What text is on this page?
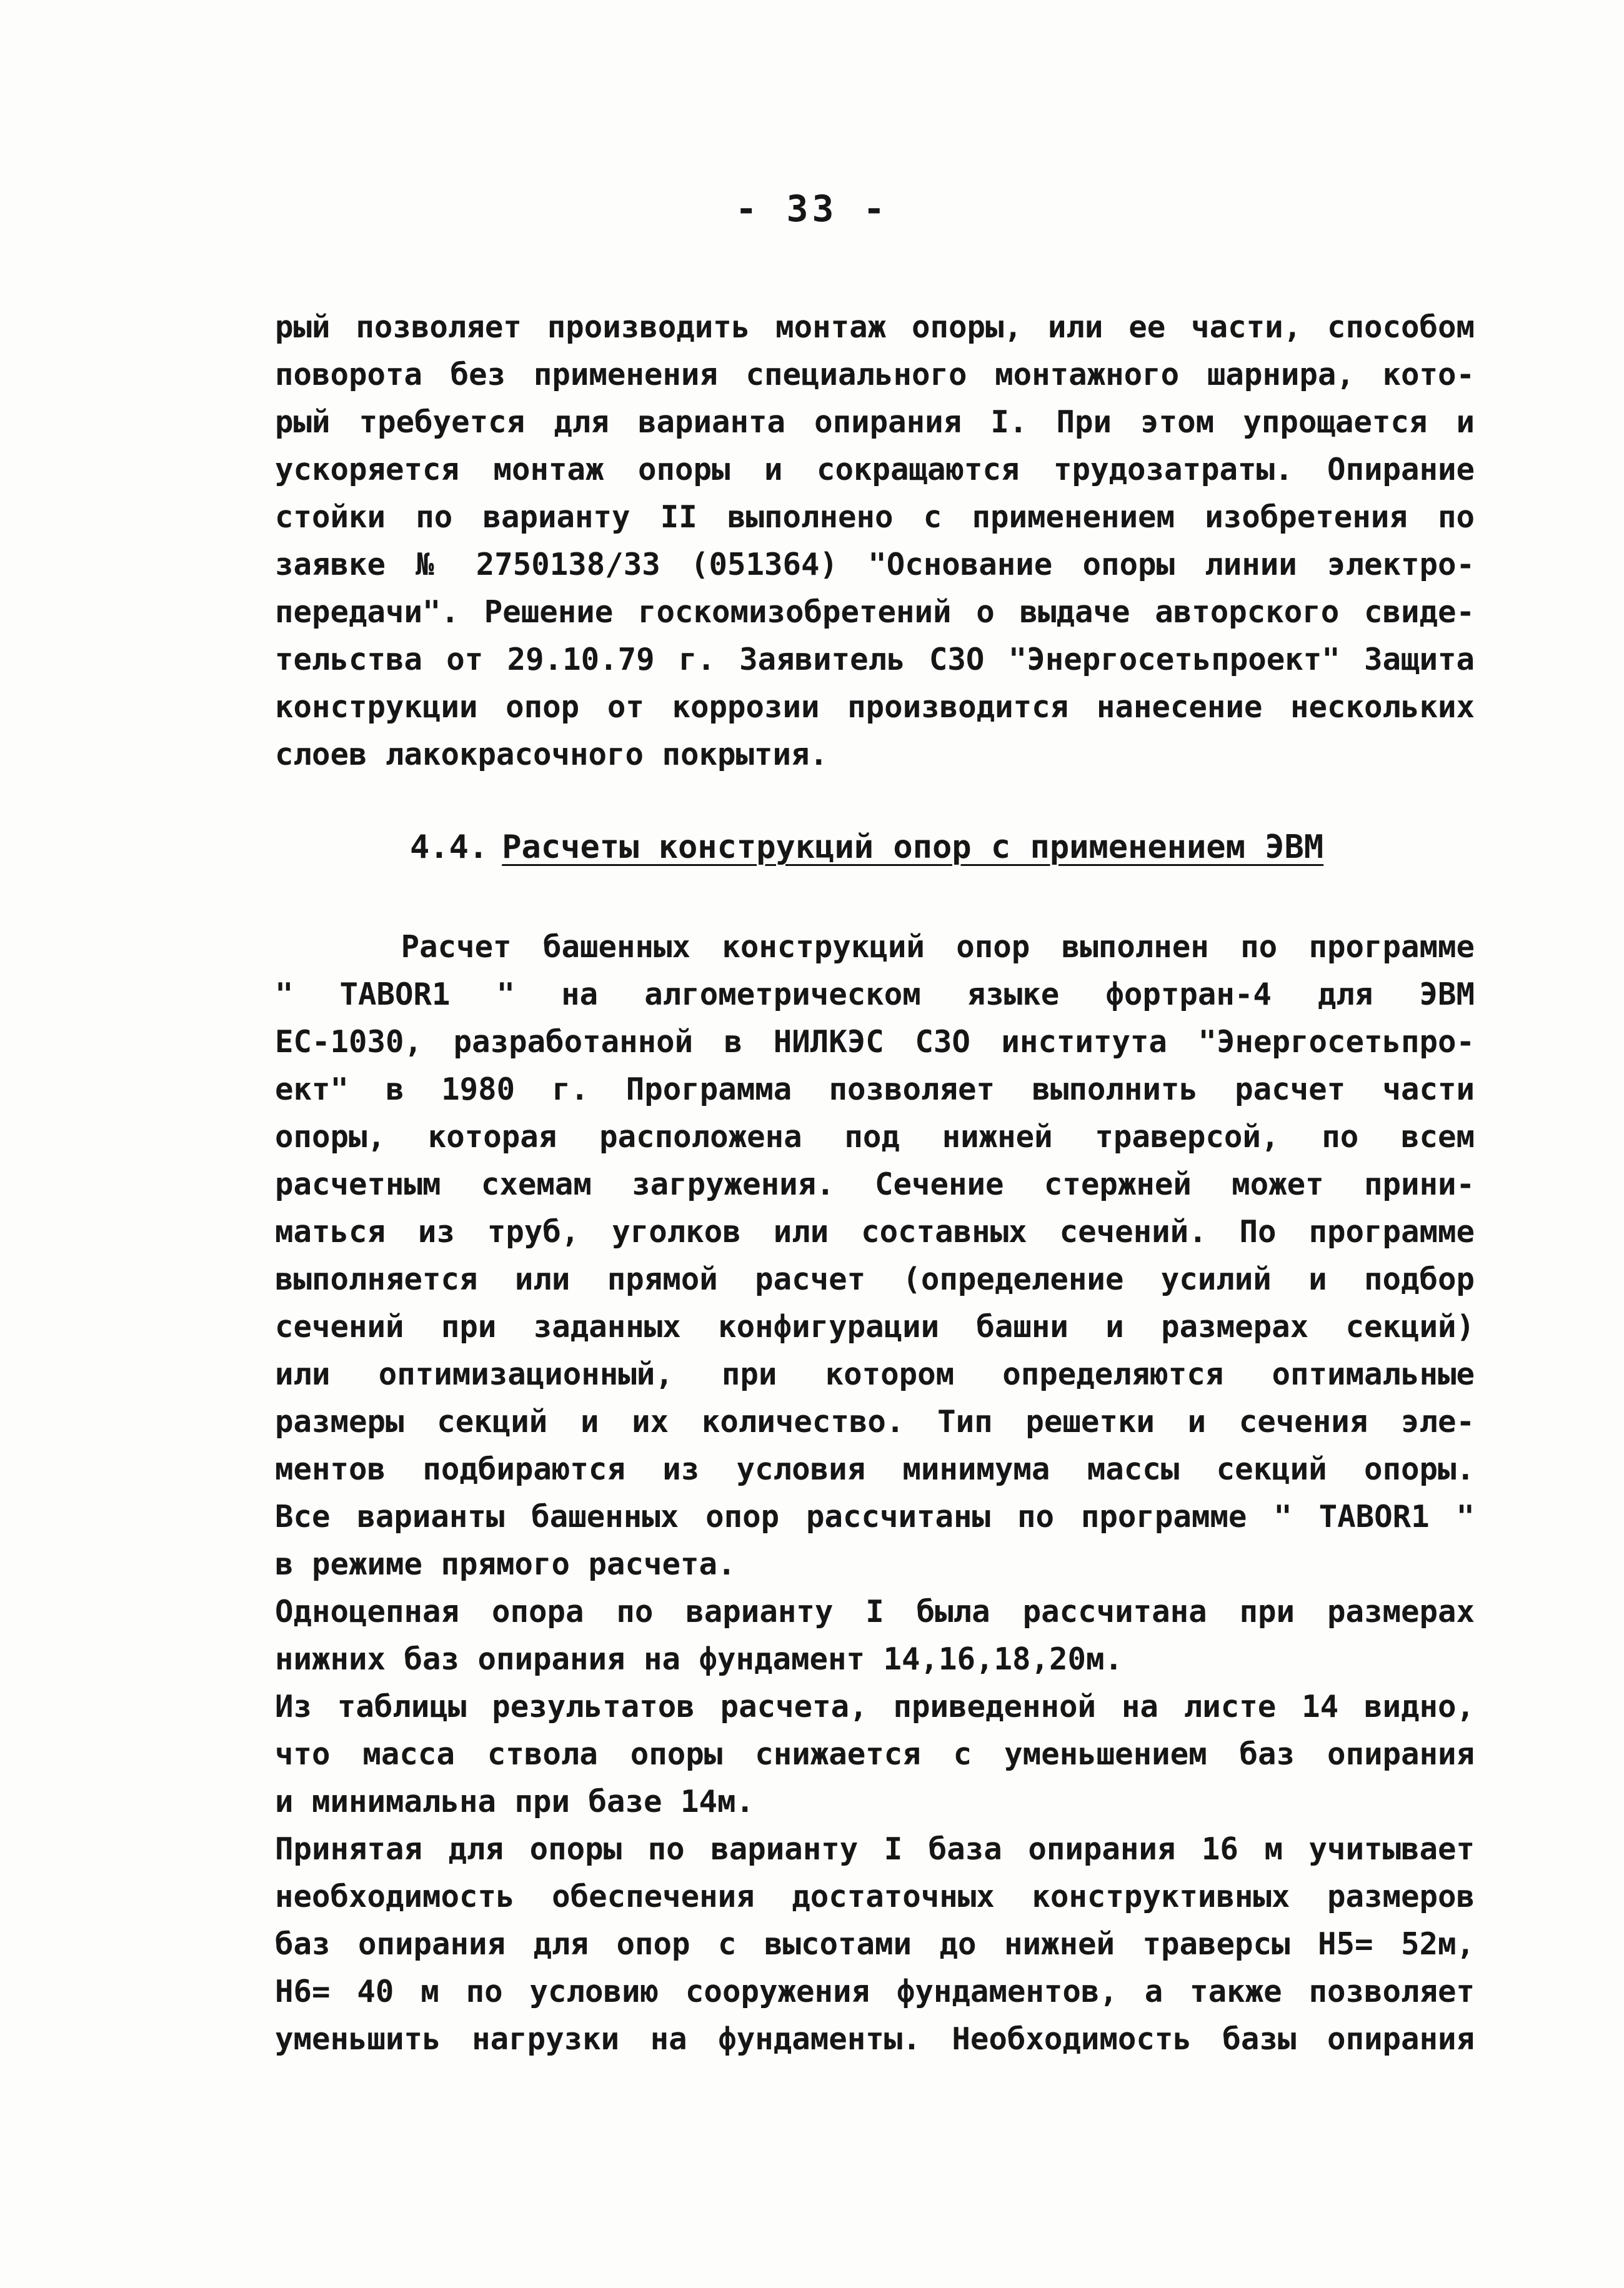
- 33 -
рый позволяет производить монтаж опоры, или ее части, способом
поворота без применения специального монтажного шарнира, кото-
рый требуется для варианта опирания I. При этом упрощается и
ускоряется монтаж опоры и сокращаются трудозатраты. Опирание
стойки по варианту II выполнено с применением изобретения по
заявке № 2750138/33 (051364) "Основание опоры линии электро-
передачи". Решение госкомизобретений о выдаче авторского свиде-
тельства от 29.10.79 г. Заявитель СЗО "Энергосетьпроект" Защита
конструкции опор от коррозии производится нанесение нескольких
слоев лакокрасочного покрытия.
4.4. Расчеты конструкций опор с применением ЭВМ
Расчет башенных конструкций опор выполнен по программе
" TABOR1 " на алгометрическом языке фортран-4 для ЭВМ
ЕС-1030, разработанной в НИЛКЭС СЗО института "Энергосетьпро-
ект" в 1980 г. Программа позволяет выполнить расчет части
опоры, которая расположена под нижней траверсой, по всем
расчетным схемам загружения. Сечение стержней может прини-
маться из труб, уголков или составных сечений. По программе
выполняется или прямой расчет (определение усилий и подбор
сечений при заданных конфигурации башни и размерах секций)
или оптимизационный, при котором определяются оптимальные
размеры секций и их количество. Тип решетки и сечения эле-
ментов подбираются из условия минимума массы секций опоры.
Все варианты башенных опор рассчитаны по программе " TABOR1 "
в режиме прямого расчета.
Одноцепная опора по варианту I была рассчитана при размерах
нижних баз опирания на фундамент 14,16,18,20м.
Из таблицы результатов расчета, приведенной на листе 14 видно,
что масса ствола опоры снижается с уменьшением баз опирания
и минимальна при базе 14м.
Принятая для опоры по варианту I база опирания 16 м учитывает
необходимость обеспечения достаточных конструктивных размеров
баз опирания для опор с высотами до нижней траверсы H5= 52м,
H6= 40 м по условию сооружения фундаментов, а также позволяет
уменьшить нагрузки на фундаменты. Необходимость базы опирания
